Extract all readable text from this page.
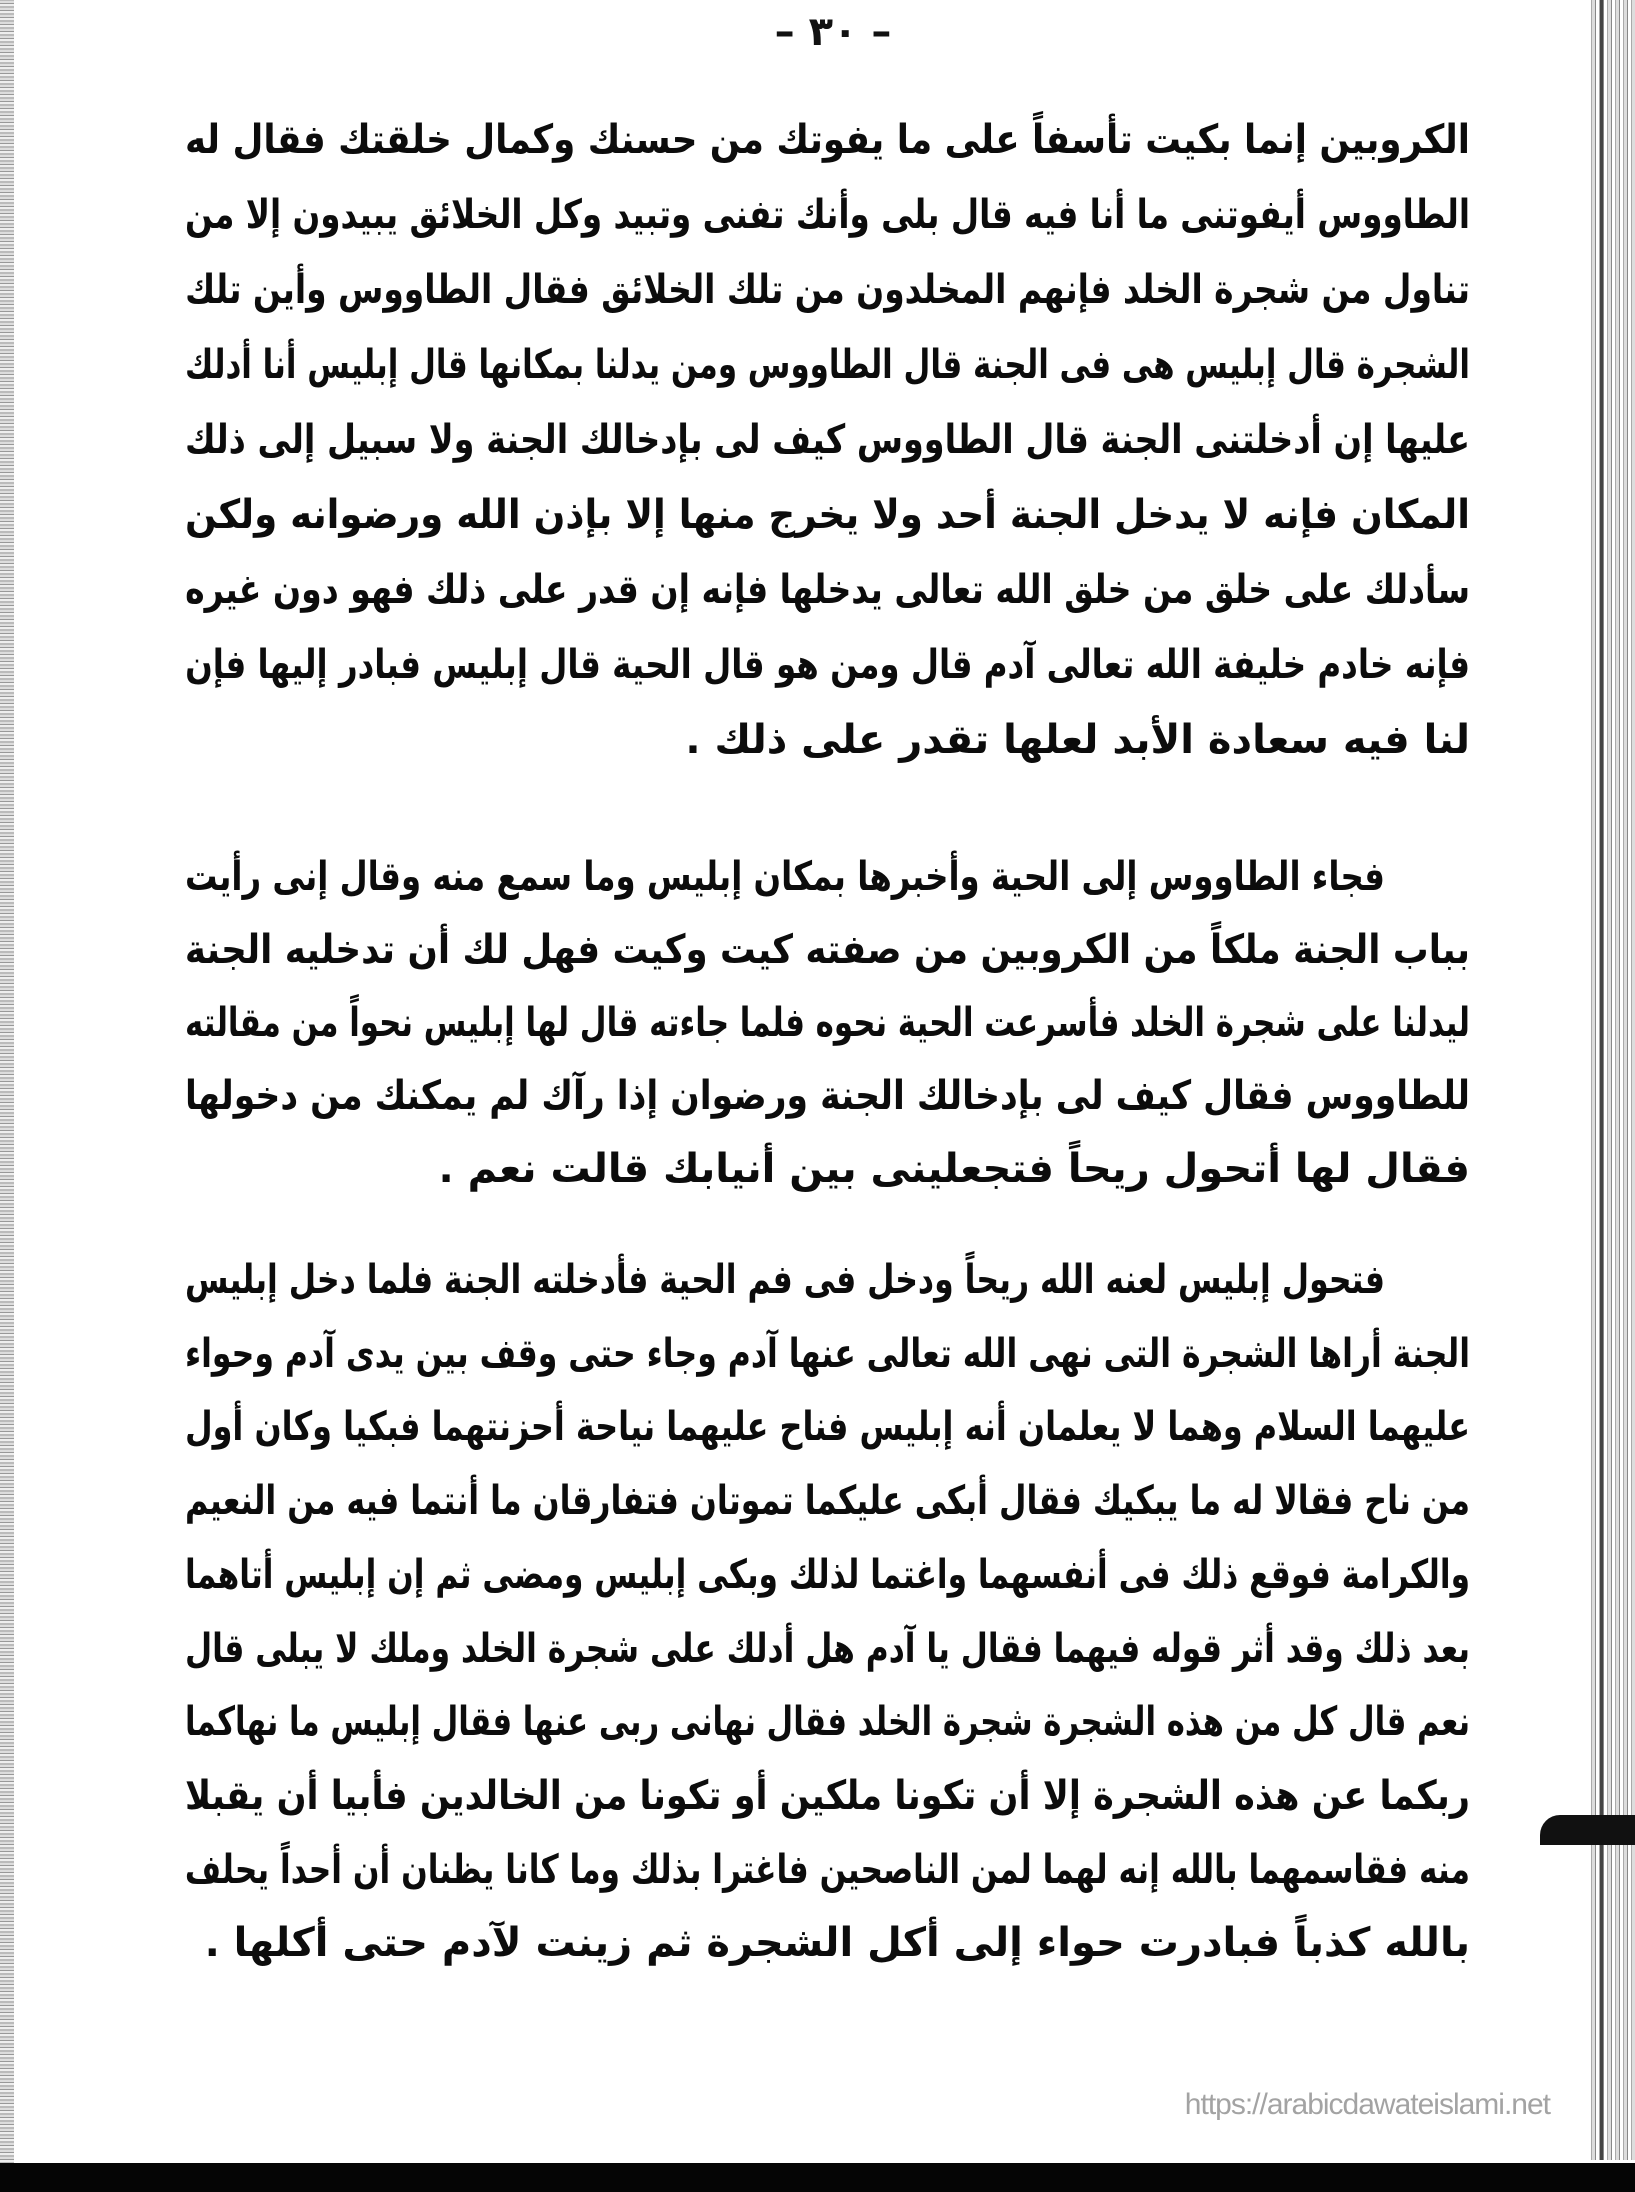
– ٣٠ –
الكروبين إنما بكيت تأسفاً على ما يفوتك من حسنك وكمال خلقتك فقال له
الطاووس أيفوتنى ما أنا فيه قال بلى وأنك تفنى وتبيد وكل الخلائق يبيدون إلا من
تناول من شجرة الخلد فإنهم المخلدون من تلك الخلائق فقال الطاووس وأين تلك
الشجرة قال إبليس هى فى الجنة قال الطاووس ومن يدلنا بمكانها قال إبليس أنا أدلك
عليها إن أدخلتنى الجنة قال الطاووس كيف لى بإدخالك الجنة ولا سبيل إلى ذلك
المكان فإنه لا يدخل الجنة أحد ولا يخرج منها إلا بإذن الله ورضوانه ولكن
سأدلك على خلق من خلق الله تعالى يدخلها فإنه إن قدر على ذلك فهو دون غيره
فإنه خادم خليفة الله تعالى آدم قال ومن هو قال الحية قال إبليس فبادر إليها فإن
لنا فيه سعادة الأبد لعلها تقدر على ذلك .
فجاء الطاووس إلى الحية وأخبرها بمكان إبليس وما سمع منه وقال إنى رأيت
بباب الجنة ملكاً من الكروبين من صفته كيت وكيت فهل لك أن تدخليه الجنة
ليدلنا على شجرة الخلد فأسرعت الحية نحوه فلما جاءته قال لها إبليس نحواً من مقالته
للطاووس فقال كيف لى بإدخالك الجنة ورضوان إذا رآك لم يمكنك من دخولها
فقال لها أتحول ريحاً فتجعلينى بين أنيابك قالت نعم .
فتحول إبليس لعنه الله ريحاً ودخل فى فم الحية فأدخلته الجنة فلما دخل إبليس
الجنة أراها الشجرة التى نهى الله تعالى عنها آدم وجاء حتى وقف بين يدى آدم وحواء
عليهما السلام وهما لا يعلمان أنه إبليس فناح عليهما نياحة أحزنتهما فبكيا وكان أول
من ناح فقالا له ما يبكيك فقال أبكى عليكما تموتان فتفارقان ما أنتما فيه من النعيم
والكرامة فوقع ذلك فى أنفسهما واغتما لذلك وبكى إبليس ومضى ثم إن إبليس أتاهما
بعد ذلك وقد أثر قوله فيهما فقال يا آدم هل أدلك على شجرة الخلد وملك لا يبلى قال
نعم قال كل من هذه الشجرة شجرة الخلد فقال نهانى ربى عنها فقال إبليس ما نهاكما
ربكما عن هذه الشجرة إلا أن تكونا ملكين أو تكونا من الخالدين فأبيا أن يقبلا
منه فقاسمهما بالله إنه لهما لمن الناصحين فاغترا بذلك وما كانا يظنان أن أحداً يحلف
بالله كذباً فبادرت حواء إلى أكل الشجرة ثم زينت لآدم حتى أكلها .
https://arabicdawateislami.net
